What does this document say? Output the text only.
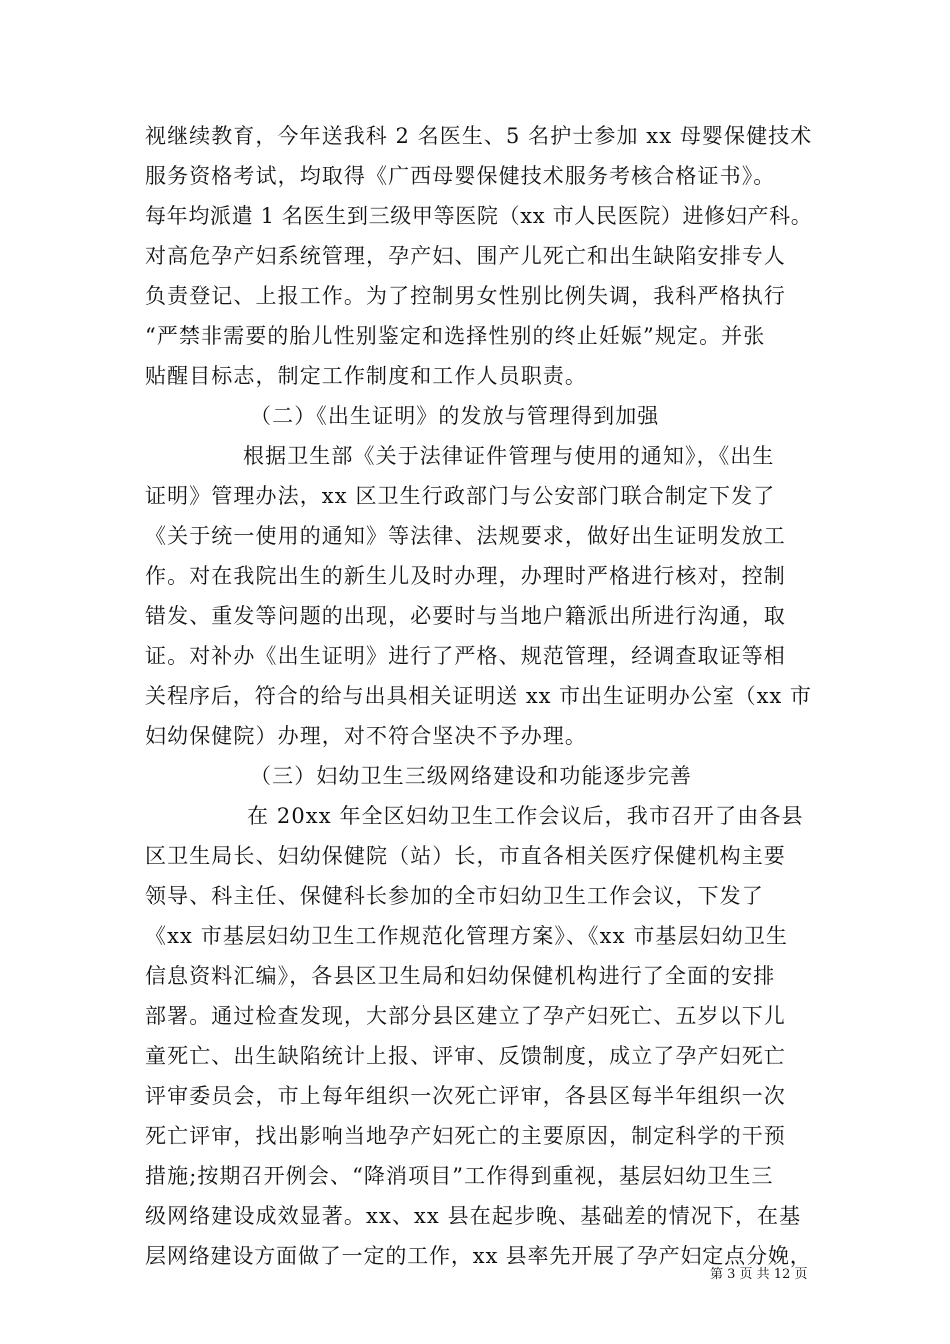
视继续教育，今年送我科 2 名医生、5 名护士参加 xx 母婴保健技术
服务资格考试，均取得《广西母婴保健技术服务考核合格证书》。
每年均派遣 1 名医生到三级甲等医院（xx 市人民医院）进修妇产科。
对高危孕产妇系统管理，孕产妇、围产儿死亡和出生缺陷安排专人
负责登记、上报工作。为了控制男女性别比例失调，我科严格执行
“严禁非需要的胎儿性别鉴定和选择性别的终止妊娠”规定。并张
贴醒目标志，制定工作制度和工作人员职责。
（二）《出生证明》的发放与管理得到加强
根据卫生部《关于法律证件管理与使用的通知》，《出生
证明》管理办法，xx 区卫生行政部门与公安部门联合制定下发了
《关于统一使用的通知》等法律、法规要求，做好出生证明发放工
作。对在我院出生的新生儿及时办理，办理时严格进行核对，控制
错发、重发等问题的出现，必要时与当地户籍派出所进行沟通，取
证。对补办《出生证明》进行了严格、规范管理，经调查取证等相
关程序后，符合的给与出具相关证明送 xx 市出生证明办公室（xx 市
妇幼保健院）办理，对不符合坚决不予办理。
（三）妇幼卫生三级网络建设和功能逐步完善
在 20xx 年全区妇幼卫生工作会议后，我市召开了由各县
区卫生局长、妇幼保健院（站）长，市直各相关医疗保健机构主要
领导、科主任、保健科长参加的全市妇幼卫生工作会议，下发了
《xx 市基层妇幼卫生工作规范化管理方案》、《xx 市基层妇幼卫生
信息资料汇编》，各县区卫生局和妇幼保健机构进行了全面的安排
部署。通过检查发现，大部分县区建立了孕产妇死亡、五岁以下儿
童死亡、出生缺陷统计上报、评审、反馈制度，成立了孕产妇死亡
评审委员会，市上每年组织一次死亡评审，各县区每半年组织一次
死亡评审，找出影响当地孕产妇死亡的主要原因，制定科学的干预
措施;按期召开例会、“降消项目”工作得到重视，基层妇幼卫生三
级网络建设成效显著。xx、xx 县在起步晚、基础差的情况下，在基
层网络建设方面做了一定的工作，xx 县率先开展了孕产妇定点分娩，
第 3 页 共 12 页
